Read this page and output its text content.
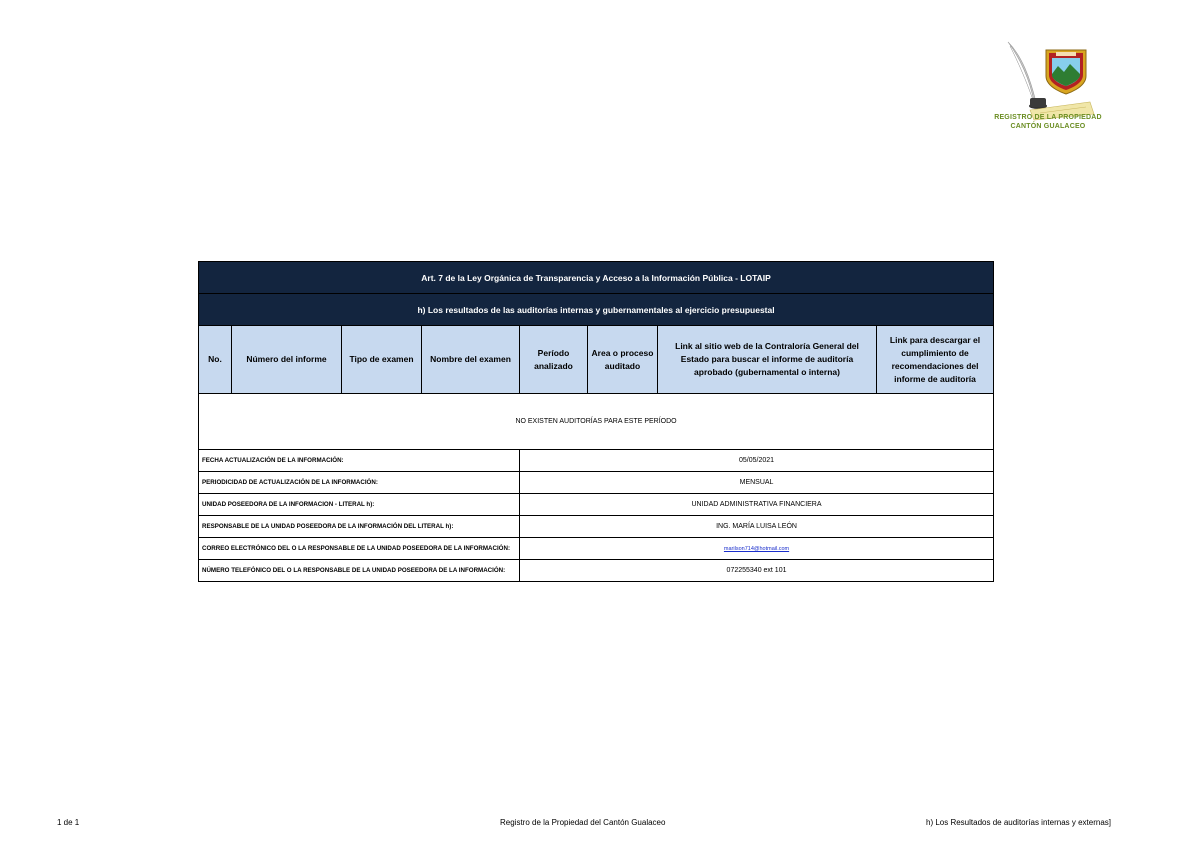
REGISTRO DE LA PROPIEDAD
CANTÓN GUALACEO
Art. 7 de la Ley Orgánica de Transparencia y Acceso a la Información Pública - LOTAIP							
h) Los resultados de las auditorías internas y gubernamentales al ejercicio presupuestal							
No.	Número del informe	Tipo de examen	Nombre del examen	Período analizado	Area o proceso auditado	Link al sitio web de la Contraloría General del Estado para buscar el informe de auditoría aprobado (gubernamental o interna)	Link para descargar el cumplimiento de recomendaciones del informe de auditoría
NO EXISTEN AUDITORÍAS PARA ESTE PERÍODO							
FECHA ACTUALIZACIÓN DE LA INFORMACIÓN:				05/05/2021			
PERIODICIDAD DE ACTUALIZACIÓN DE LA INFORMACIÓN:				MENSUAL			
UNIDAD POSEEDORA DE LA INFORMACION - LITERAL h):				UNIDAD ADMINISTRATIVA FINANCIERA			
RESPONSABLE DE LA UNIDAD POSEEDORA DE LA INFORMACIÓN DEL LITERAL h):				ING. MARÍA LUISA LEÓN			
CORREO ELECTRÓNICO DEL O LA RESPONSABLE DE LA UNIDAD POSEEDORA DE LA INFORMACIÓN:				marilson714@hotmail.com			
NÚMERO TELEFÓNICO DEL O LA RESPONSABLE DE LA UNIDAD POSEEDORA DE LA INFORMACIÓN:				072255340 ext 101			
1 de 1	Registro de la Propiedad del Cantón Gualaceo	h) Los Resultados de auditorías internas y externas]
